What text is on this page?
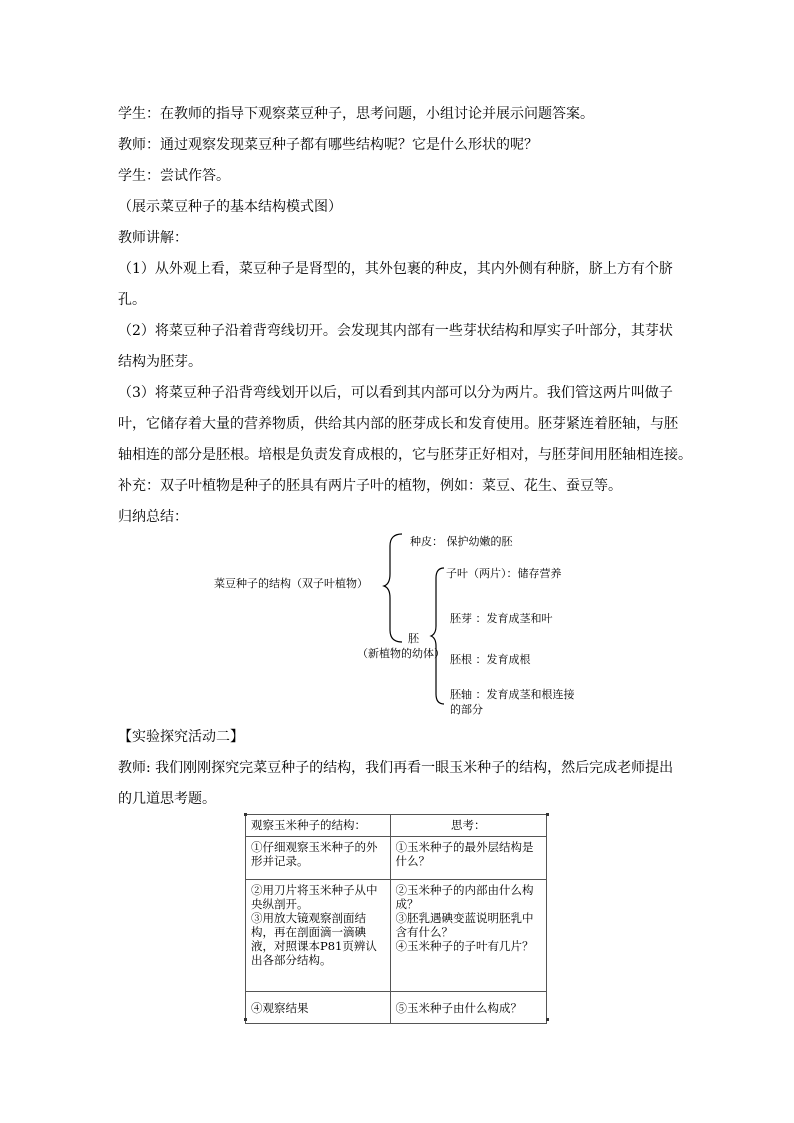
学生：在教师的指导下观察菜豆种子，思考问题，小组讨论并展示问题答案。
教师：通过观察发现菜豆种子都有哪些结构呢？它是什么形状的呢？
学生：尝试作答。
（展示菜豆种子的基本结构模式图）
教师讲解：
（1）从外观上看，菜豆种子是肾型的，其外包裹的种皮，其内外侧有种脐，脐上方有个脐
孔。
（2）将菜豆种子沿着背弯线切开。会发现其内部有一些芽状结构和厚实子叶部分，其芽状
结构为胚芽。
（3）将菜豆种子沿背弯线划开以后，可以看到其内部可以分为两片。我们管这两片叫做子
叶，它储存着大量的营养物质，供给其内部的胚芽成长和发育使用。胚芽紧连着胚轴，与胚
轴相连的部分是胚根。培根是负责发育成根的，它与胚芽正好相对，与胚芽间用胚轴相连接。
补充：双子叶植物是种子的胚具有两片子叶的植物，例如：菜豆、花生、蚕豆等。
归纳总结：
菜豆种子的结构（双子叶植物）
种皮： 保护幼嫩的胚
胚
（新植物的幼体）
子叶（两片）：储存营养
胚芽 ：发育成茎和叶
胚根 ：发育成根
胚轴 ：发育成茎和根连接
的部分
【实验探究活动二】
教师: 我们刚刚探究完菜豆种子的结构，我们再看一眼玉米种子的结构，然后完成老师提出
的几道思考题。
观察玉米种子的结构：	思考：
①仔细观察玉米种子的外形并记录。	①玉米种子的最外层结构是什么？
②用刀片将玉米种子从中央纵剖开。
③用放大镜观察剖面结构，再在剖面滴一滴碘液，对照课本P81页辨认出各部分结构。	②玉米种子的内部由什么构成？
③胚乳遇碘变蓝说明胚乳中含有什么？
④玉米种子的子叶有几片？
④观察结果	⑤玉米种子由什么构成？
